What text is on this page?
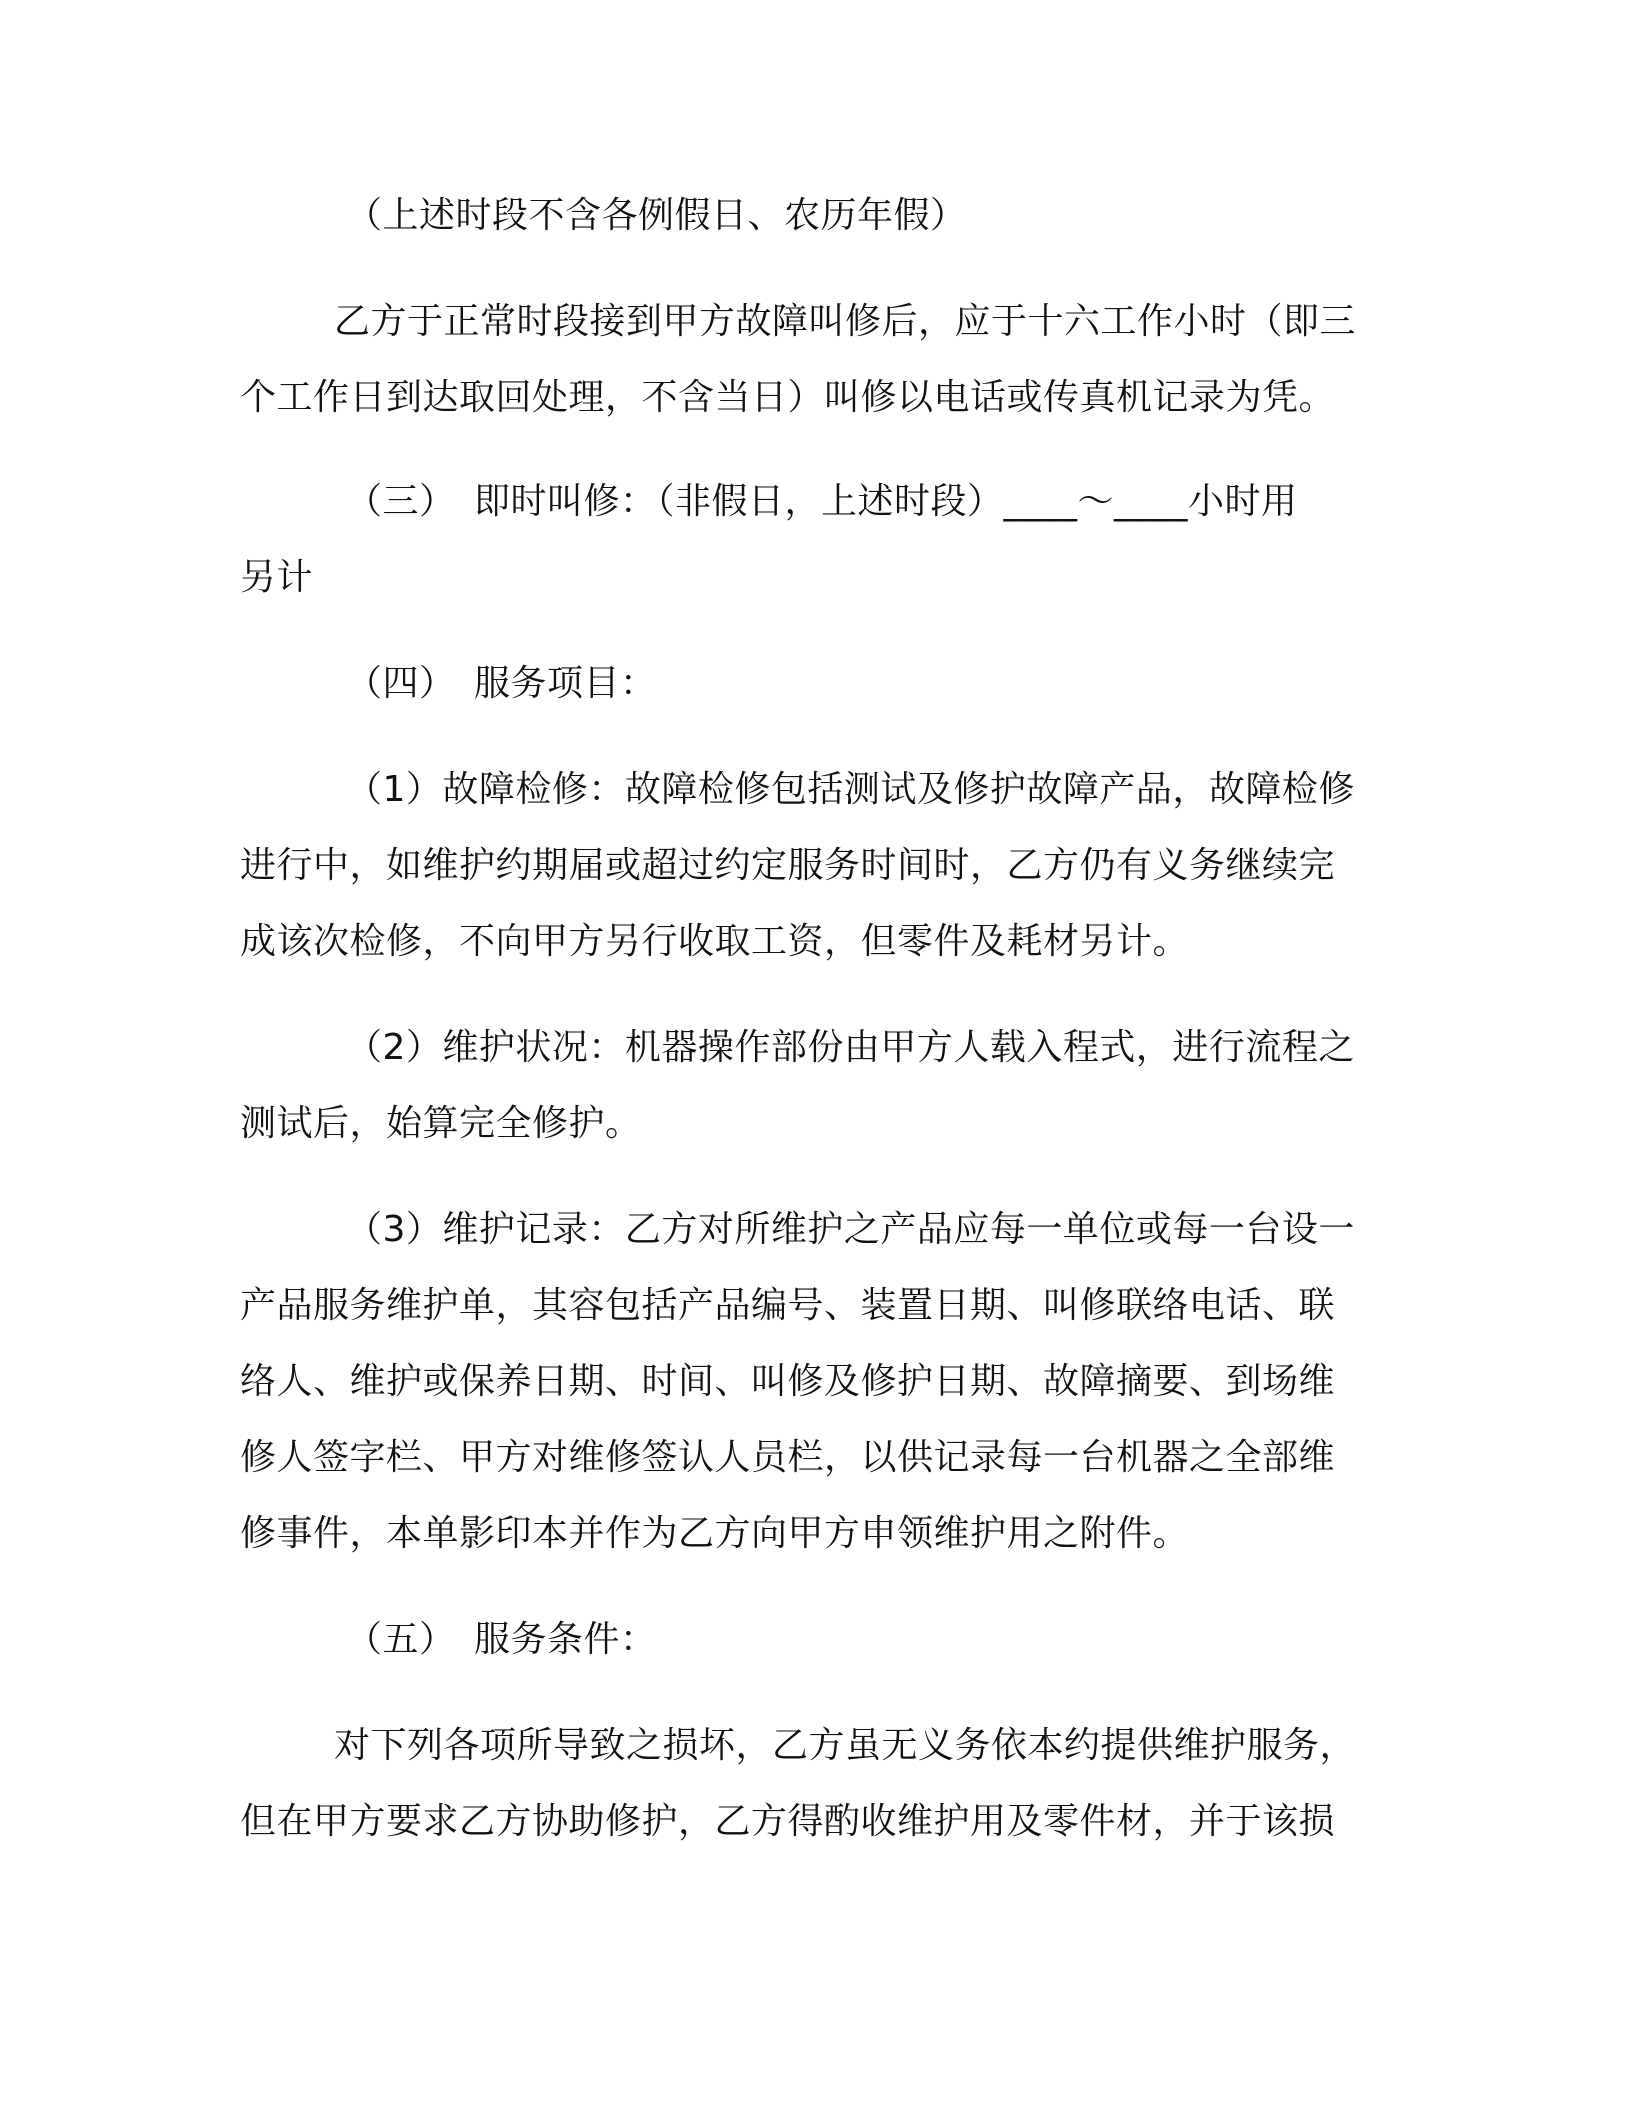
（上述时段不含各例假日、农历年假）
乙方于正常时段接到甲方故障叫修后，应于十六工作小时（即三
个工作日到达取回处理，不含当日）叫修以电话或传真机记录为凭。
（三）　即时叫修：（非假日，上述时段）____～____小时用
另计
（四）　服务项目：
（1）故障检修：故障检修包括测试及修护故障产品，故障检修
进行中，如维护约期届或超过约定服务时间时，乙方仍有义务继续完
成该次检修，不向甲方另行收取工资，但零件及耗材另计。
（2）维护状况：机器操作部份由甲方人载入程式，进行流程之
测试后，始算完全修护。
（3）维护记录：乙方对所维护之产品应每一单位或每一台设一
产品服务维护单，其容包括产品编号、装置日期、叫修联络电话、联
络人、维护或保养日期、时间、叫修及修护日期、故障摘要、到场维
修人签字栏、甲方对维修签认人员栏，以供记录每一台机器之全部维
修事件，本单影印本并作为乙方向甲方申领维护用之附件。
（五）　服务条件：
对下列各项所导致之损坏，乙方虽无义务依本约提供维护服务，
但在甲方要求乙方协助修护，乙方得酌收维护用及零件材，并于该损
